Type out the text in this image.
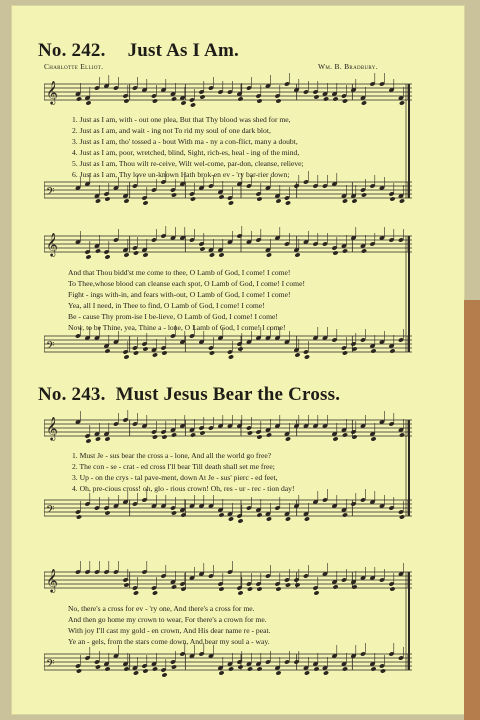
No. 242. Just As I Am.
Charlotte Elliot.	Wm. B. Bradbury.
𝄞
𝄢
1. Just as I am, with - out one plea, But that Thy blood was shed for me,
2. Just as I am, and wait - ing not To rid my soul of one dark blot,
3. Just as I am, tho' tossed a - bout With ma - ny a con-flict, many a doubt,
4. Just as I am, poor, wretched, blind, Sight, rich-es, heal - ing of the mind,
5. Just as I am, Thou wilt re-ceive, Wilt wel-come, par-don, cleanse, relieve;
6. Just as I am, Thy love un-known Hath brok-en ev - 'ry bar-rier down;
𝄞
𝄢
And that Thou bidd'st me come to thee, O Lamb of God, I come! I come!
To Thee,whose blood can cleanse each spot, O Lamb of God, I come! I come!
Fight - ings with-in, and fears with-out, O Lamb of God, I come! I come!
Yea, all I need, in Thee to find, O Lamb of God, I come! I come!
Be - cause Thy prom-ise I be-lieve, O Lamb of God, I come! I come!
Now, to be Thine, yea, Thine a - lone, O Lamb of God, I come! I come!
No. 243. Must Jesus Bear the Cross.
𝄞
𝄢
1. Must Je - sus bear the cross a - lone, And all the world go free?
2. The con - se - crat - ed cross I'll bear Till death shall set me free;
3. Up - on the crys - tal pave-ment, down At Je - sus' pierc - ed feet,
4. Oh, pre-cious cross! oh, glo - rious crown! Oh, res - ur - rec - tion day!
𝄞
𝄢
No, there's a cross for ev - 'ry one, And there's a cross for me.
And then go home my crown to wear, For there's a crown for me.
With joy I'll cast my gold - en crown, And His dear name re - peat.
Ye an - gels, from the stars come down, And bear my soul a - way.
